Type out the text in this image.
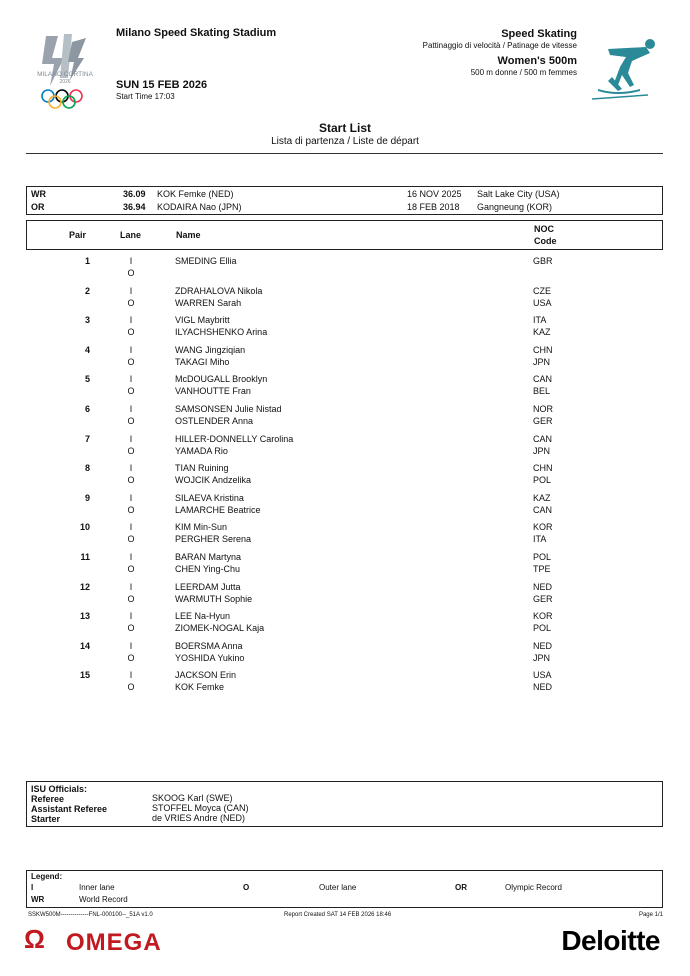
MILANO CORTINA
2026
Milano Speed Skating Stadium
SUN 15 FEB 2026
Start Time 17:03
Speed Skating
Pattinaggio di velocità / Patinage de vitesse
Women's 500m
500 m donne / 500 m femmes
Start List
Lista di partenza / Liste de départ
WR	36.09 KOK Femke (NED)	16 NOV 2025 Salt Lake City (USA)
OR	36.94 KODAIRA Nao (JPN)	18 FEB 2018 Gangneung (KOR)
Pair	Lane	Name
NOC
Code
1	I	SMEDING Ellia	GBR
O
2	I	ZDRAHALOVA Nikola	CZE
O	WARREN Sarah	USA
3	I	VIGL Maybritt	ITA
O	ILYACHSHENKO Arina	KAZ
4	I	WANG Jingziqian	CHN
O	TAKAGI Miho	JPN
5	I	McDOUGALL Brooklyn	CAN
O	VANHOUTTE Fran	BEL
6	I	SAMSONSEN Julie Nistad	NOR
O	OSTLENDER Anna	GER
7	I	HILLER-DONNELLY Carolina	CAN
O	YAMADA Rio	JPN
8	I	TIAN Ruining	CHN
O	WOJCIK Andzelika	POL
9	I	SILAEVA Kristina	KAZ
O	LAMARCHE Beatrice	CAN
10	I	KIM Min-Sun	KOR
O	PERGHER Serena	ITA
11	I	BARAN Martyna	POL
O	CHEN Ying-Chu	TPE
12	I	LEERDAM Jutta	NED
O	WARMUTH Sophie	GER
13	I	LEE Na-Hyun	KOR
O	ZIOMEK-NOGAL Kaja	POL
14	I	BOERSMA Anna	NED
O	YOSHIDA Yukino	JPN
15	I	JACKSON Erin	USA
O	KOK Femke	NED
ISU Officials:
Referee	SKOOG Karl (SWE)
Assistant Referee	STOFFEL Moyca (CAN)
Starter	de VRIES Andre (NED)
Legend:
I	Inner lane	O	Outer lane	OR	Olympic Record
WR	World Record
SSKW500M--------------FNL-000100--_51A v1.0	Report Created SAT 14 FEB 2026 18:46	Page 1/1
Ω OMEGA	Deloitte
